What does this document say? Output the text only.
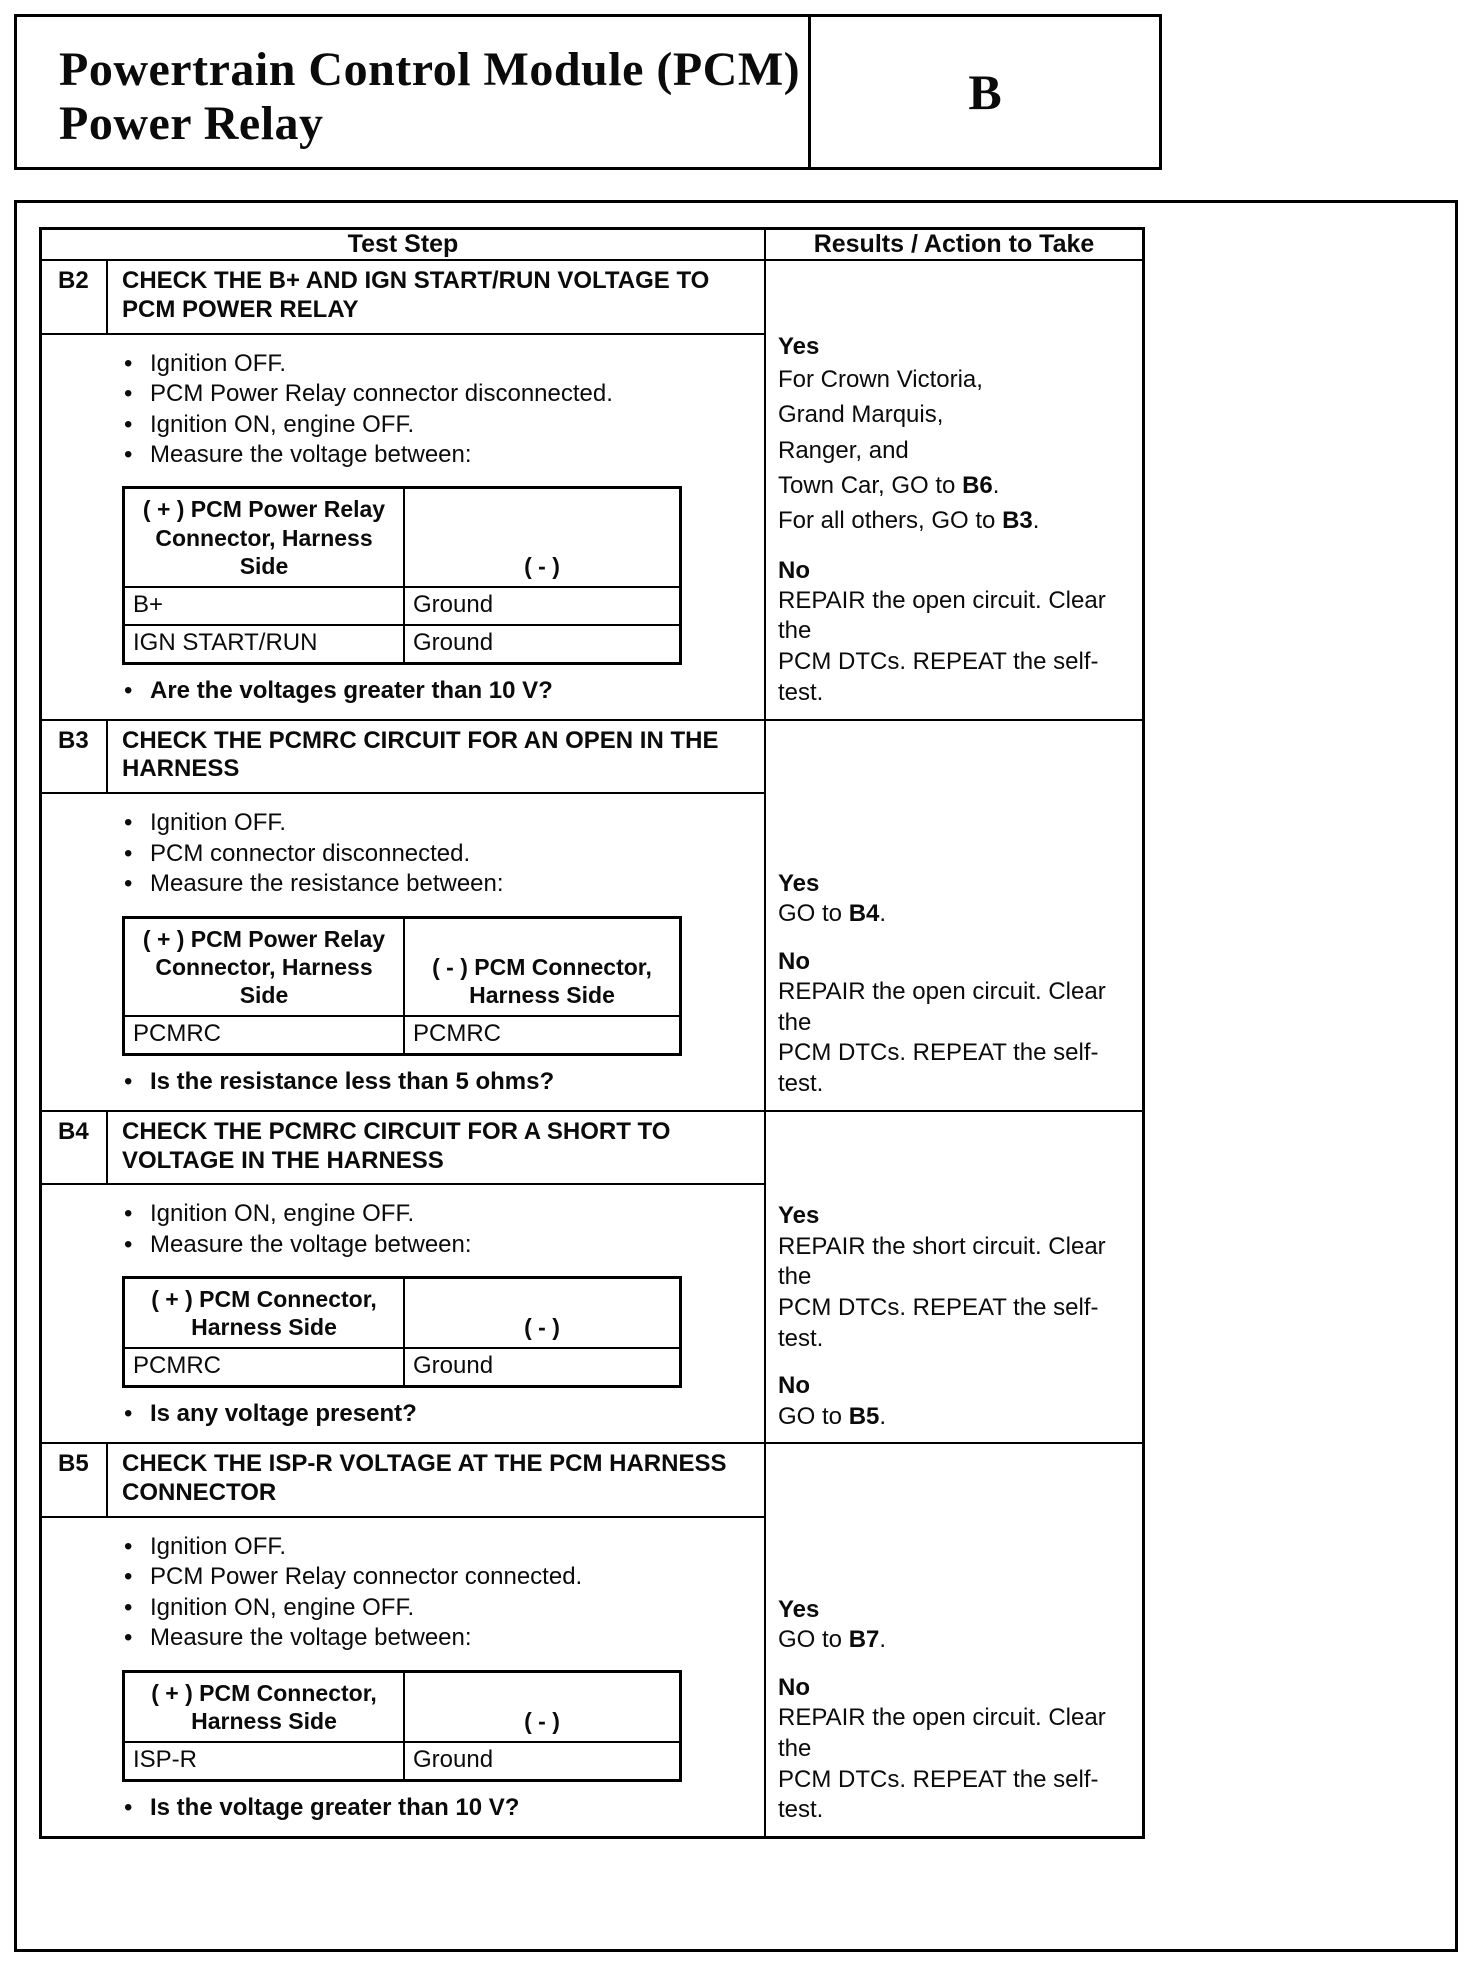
Powertrain Control Module (PCM)
Power Relay
B
Test Step	Results / Action to Take

B2	CHECK THE B+ AND IGN START/RUN VOLTAGE TO PCM POWER RELAY
• Ignition OFF.
• PCM Power Relay connector disconnected.
• Ignition ON, engine OFF.
• Measure the voltage between:
( + ) PCM Power Relay Connector, Harness Side	( - )
B+	Ground
IGN START/RUN	Ground
• Are the voltages greater than 10 V?

Yes
For Crown Victoria,
Grand Marquis,
Ranger, and
Town Car, GO to B6.
For all others, GO to B3.
No
REPAIR the open circuit. Clear the
PCM DTCs. REPEAT the self-test.

B3	CHECK THE PCMRC CIRCUIT FOR AN OPEN IN THE HARNESS
• Ignition OFF.
• PCM connector disconnected.
• Measure the resistance between:
( + ) PCM Power Relay Connector, Harness Side	( - ) PCM Connector, Harness Side
PCMRC	PCMRC
• Is the resistance less than 5 ohms?

Yes
GO to B4.
No
REPAIR the open circuit. Clear the
PCM DTCs. REPEAT the self-test.

B4	CHECK THE PCMRC CIRCUIT FOR A SHORT TO VOLTAGE IN THE HARNESS
• Ignition ON, engine OFF.
• Measure the voltage between:
( + ) PCM Connector, Harness Side	( - )
PCMRC	Ground
• Is any voltage present?

Yes
REPAIR the short circuit. Clear the
PCM DTCs. REPEAT the self-test.
No
GO to B5.

B5	CHECK THE ISP-R VOLTAGE AT THE PCM HARNESS CONNECTOR
• Ignition OFF.
• PCM Power Relay connector connected.
• Ignition ON, engine OFF.
• Measure the voltage between:
( + ) PCM Connector, Harness Side	( - )
ISP-R	Ground
• Is the voltage greater than 10 V?

Yes
GO to B7.
No
REPAIR the open circuit. Clear the
PCM DTCs. REPEAT the self-test.
